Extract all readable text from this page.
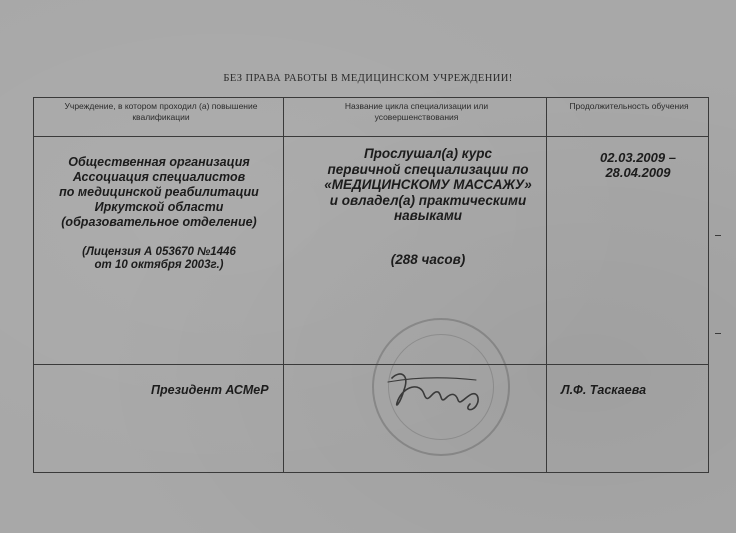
БЕЗ ПРАВА РАБОТЫ В МЕДИЦИНСКОМ УЧРЕЖДЕНИИ!
Учреждение, в котором проходил (а) повышение квалификации
Название цикла специализации или усовершенствования
Продолжительность обучения
Общественная организация
Ассоциация специалистов
по медицинской реабилитации
Иркутской области
(образовательное отделение)
(Лицензия А 053670 №1446
от 10 октября 2003г.)
Прослушал(а) курс
первичной специализации по
«МЕДИЦИНСКОМУ МАССАЖУ»
и овладел(а) практическими
навыками
(288 часов)
02.03.2009 –
28.04.2009
Президент АСМеР	Л.Ф. Таскаева
